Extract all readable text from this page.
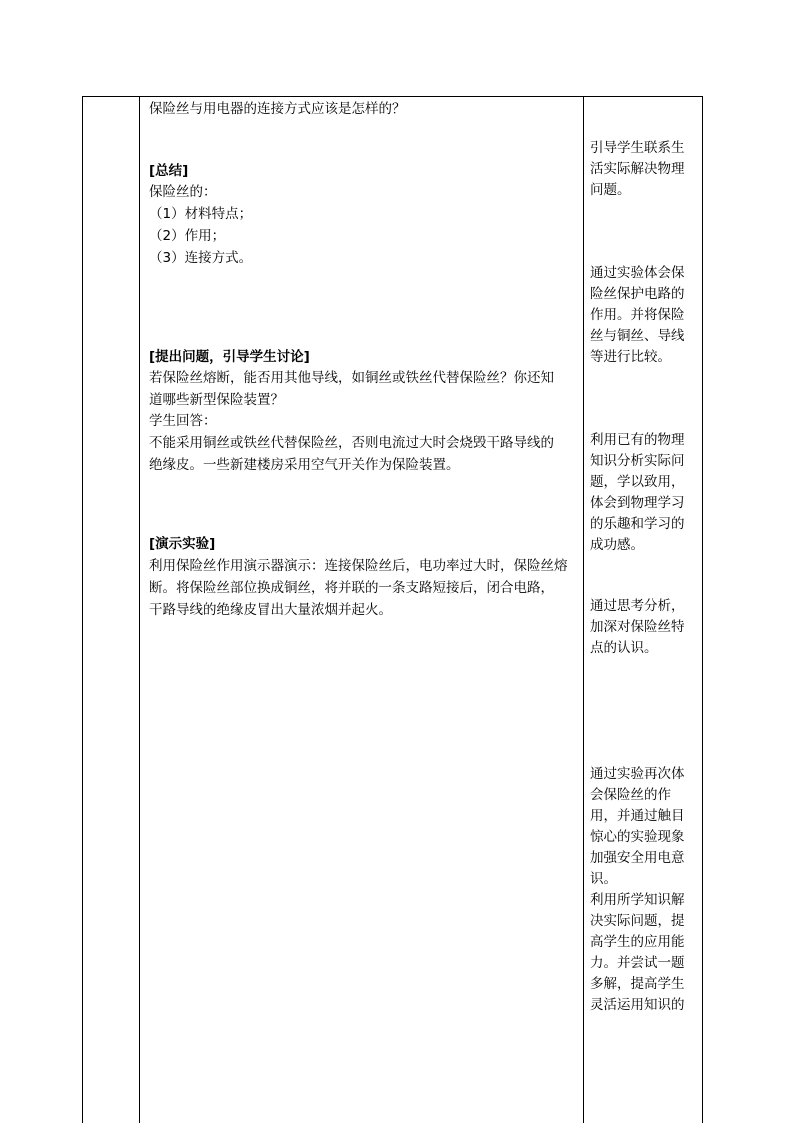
保险丝与用电器的连接方式应该是怎样的？
[总结]
保险丝的：
（1）材料特点；
（2）作用；
（3）连接方式。
[提出问题，引导学生讨论]
若保险丝熔断，能否用其他导线，如铜丝或铁丝代替保险丝？你还知
道哪些新型保险装置？
学生回答：
不能采用铜丝或铁丝代替保险丝，否则电流过大时会烧毁干路导线的
绝缘皮。一些新建楼房采用空气开关作为保险装置。
[演示实验]
利用保险丝作用演示器演示：连接保险丝后，电功率过大时，保险丝熔
断。将保险丝部位换成铜丝，将并联的一条支路短接后，闭合电路，
干路导线的绝缘皮冒出大量浓烟并起火。
引导学生联系生
活实际解决物理
问题。
通过实验体会保
险丝保护电路的
作用。并将保险
丝与铜丝、导线
等进行比较。
利用已有的物理
知识分析实际问
题，学以致用，
体会到物理学习
的乐趣和学习的
成功感。
通过思考分析，
加深对保险丝特
点的认识。
通过实验再次体
会保险丝的作
用，并通过触目
惊心的实验现象
加强安全用电意
识。
利用所学知识解
决实际问题，提
高学生的应用能
力。并尝试一题
多解，提高学生
灵活运用知识的
